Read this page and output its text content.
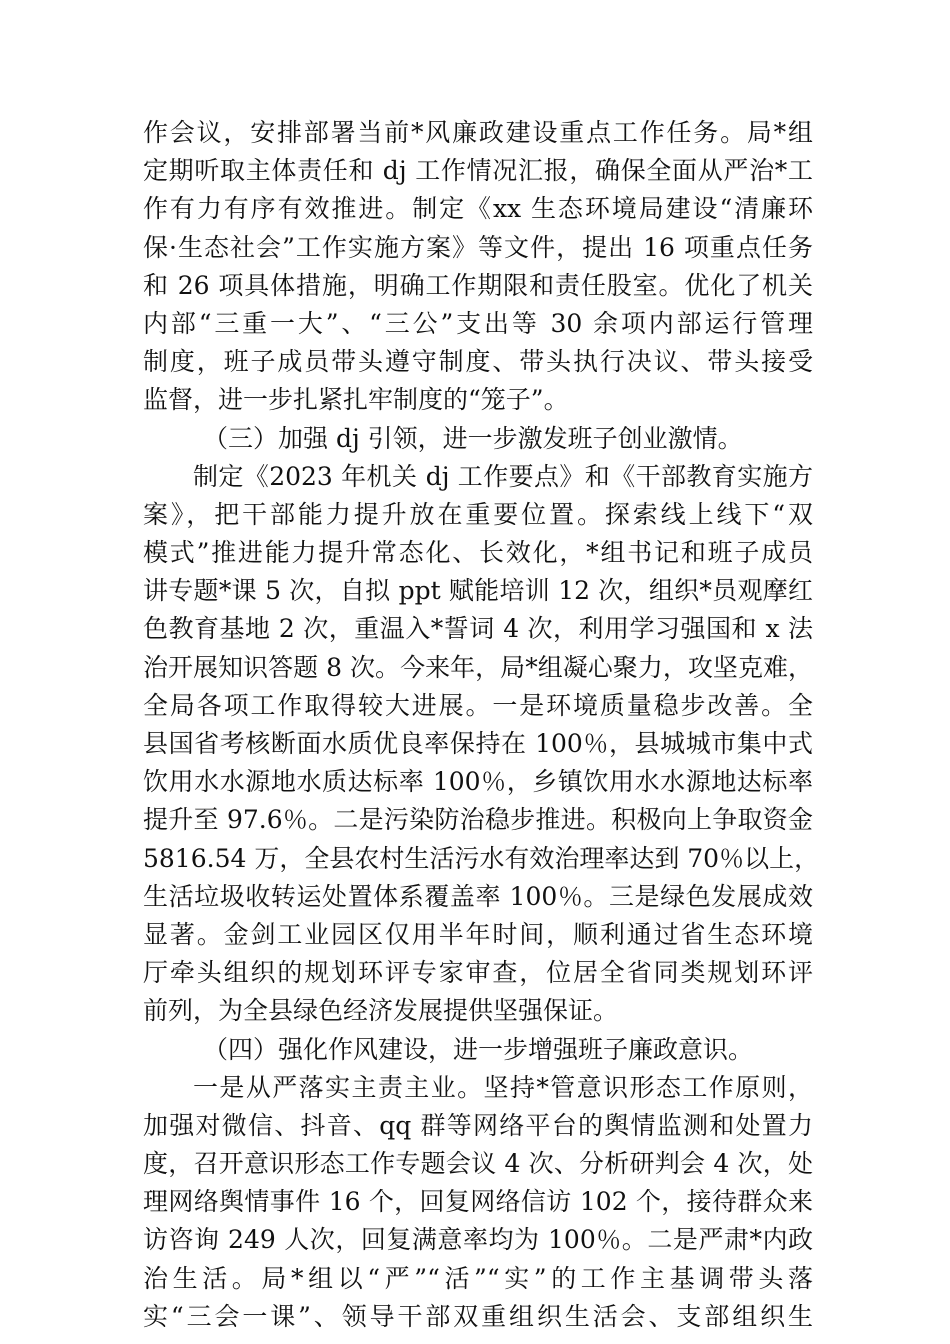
作会议，安排部署当前*风廉政建设重点工作任务。局*组
定期听取主体责任和 dj 工作情况汇报，确保全面从严治*工
作有力有序有效推进。制定《xx 生态环境局建设“清廉环
保·生态社会”工作实施方案》等文件，提出 16 项重点任务
和 26 项具体措施，明确工作期限和责任股室。优化了机关
内部“三重一大”、“三公”支出等 30 余项内部运行管理
制度，班子成员带头遵守制度、带头执行决议、带头接受
监督，进一步扎紧扎牢制度的“笼子”。
（三）加强 dj 引领，进一步激发班子创业激情。
制定《2023 年机关 dj 工作要点》和《干部教育实施方
案》，把干部能力提升放在重要位置。探索线上线下“双
模式”推进能力提升常态化、长效化，*组书记和班子成员
讲专题*课 5 次，自拟 ppt 赋能培训 12 次，组织*员观摩红
色教育基地 2 次，重温入*誓词 4 次，利用学习强国和 x 法
治开展知识答题 8 次。今来年，局*组凝心聚力，攻坚克难，
全局各项工作取得较大进展。一是环境质量稳步改善。全
县国省考核断面水质优良率保持在 100％，县城城市集中式
饮用水水源地水质达标率 100％，乡镇饮用水水源地达标率
提升至 97.6％。二是污染防治稳步推进。积极向上争取资金
5816.54 万，全县农村生活污水有效治理率达到 70％以上，
生活垃圾收转运处置体系覆盖率 100％。三是绿色发展成效
显著。金剑工业园区仅用半年时间，顺利通过省生态环境
厅牵头组织的规划环评专家审查，位居全省同类规划环评
前列，为全县绿色经济发展提供坚强保证。
（四）强化作风建设，进一步增强班子廉政意识。
一是从严落实主责主业。坚持*管意识形态工作原则，
加强对微信、抖音、qq 群等网络平台的舆情监测和处置力
度，召开意识形态工作专题会议 4 次、分析研判会 4 次，处
理网络舆情事件 16 个，回复网络信访 102 个，接待群众来
访咨询 249 人次，回复满意率均为 100％。二是严肃*内政
治生活。局*组以“严”“活”“实”的工作主基调带头落
实“三会一课”、领导干部双重组织生活会、支部组织生
